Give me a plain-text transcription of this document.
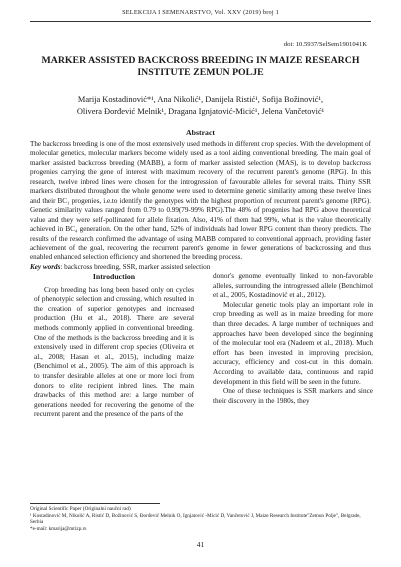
SELEKCIJA I SEMENARSTVO, Vol. XXV (2019) broj 1
doi: 10.5937/SelSem1901041K
MARKER ASSISTED BACKCROSS BREEDING IN MAIZE RESEARCH INSTITUTE ZEMUN POLJE
Marija Kostadinović*¹, Ana Nikolić¹, Danijela Ristić¹, Sofija Božinović¹,
Olivera Đorđević Melnik¹, Dragana Ignjatović-Micić¹, Jelena Vančetović¹
Abstract

The backcross breeding is one of the most extensively used methods in different crop species. With the development of molecular genetics, molecular markers become widely used as a tool aiding conventional breeding. The main goal of marker assisted backcross breeding (MABB), a form of marker assisted selection (MAS), is to develop backcross progenies carrying the gene of interest with maximum recovery of the recurrent parent's genome (RPG). In this research, twelve inbred lines were chosen for the introgression of favourable alleles for several traits. Thirty SSR markers distributed throughout the whole genome were used to determine genetic similarity among these twelve lines and their BC₁ progenies, i.e.to identify the genotypes with the highest proportion of recurrent parent's genome (RPG). Genetic similarity values ranged from 0.79 to 0.99(79-99% RPG).The 48% of progenies had RPG above theoretical value and they were self-pollinated for allele fixation. Also, 41% of them had 99%, what is the value theoretically achieved in BC₄ generation. On the other hand, 52% of individuals had lower RPG content than theory predicts. The results of the research confirmed the advantage of using MABB compared to conventional approach, providing faster achievement of the goal, recovering the recurrent parent's genome in fewer generations of backcrossing and thus enabled enhanced selection efficiency and shortened the breeding process.

Key words: backcross breeding, SSR, marker assisted selection

Introduction

Crop breeding has long been based only on cycles of phenotypic selection and crossing, which resulted in the creation of superior genotypes and increased production (Hu et al., 2018). There are several methods commonly applied in conventional breeding. One of the methods is the backcross breeding and it is extensively used in different crop species (Oliveira et al., 2008; Hasan et al., 2015), including maize (Benchimol et al., 2005). The aim of this approach is to transfer desirable alleles at one or more loci from donors to elite recipient inbred lines. The main drawbacks of this method are: a large number of generations needed for recovering the genome of the recurrent parent and the presence of the parts of the

donor's genome eventually linked to non-favorable alleles, surrounding the introgressed allele (Benchimol et al., 2005, Kostadinović et al., 2012).

Molecular genetic tools play an important role in crop breeding as well as in maize breeding for more than three decades. A large number of techniques and approaches have been developed since the beginning of the molecular tool era (Nadeem et al., 2018). Much effort has been invested in improving precision, accuracy, efficiency and cost-cut in this domain. According to available data, continuous and rapid development in this field will be seen in the future.

One of these techniques is SSR markers and since their discovery in the 1980s, they

Original Scientific Paper (Originalni naučni rad)
¹ Kostadinović M, Nikolić A, Ristić D, Božinović S, Đorđević Melnik O, Ignjatović -Micić D, Vančetović J, Maize Research Institute"Zemun Polje", Belgrade, Serbia
*e-mail: kmarija@mrizp.rs
41
